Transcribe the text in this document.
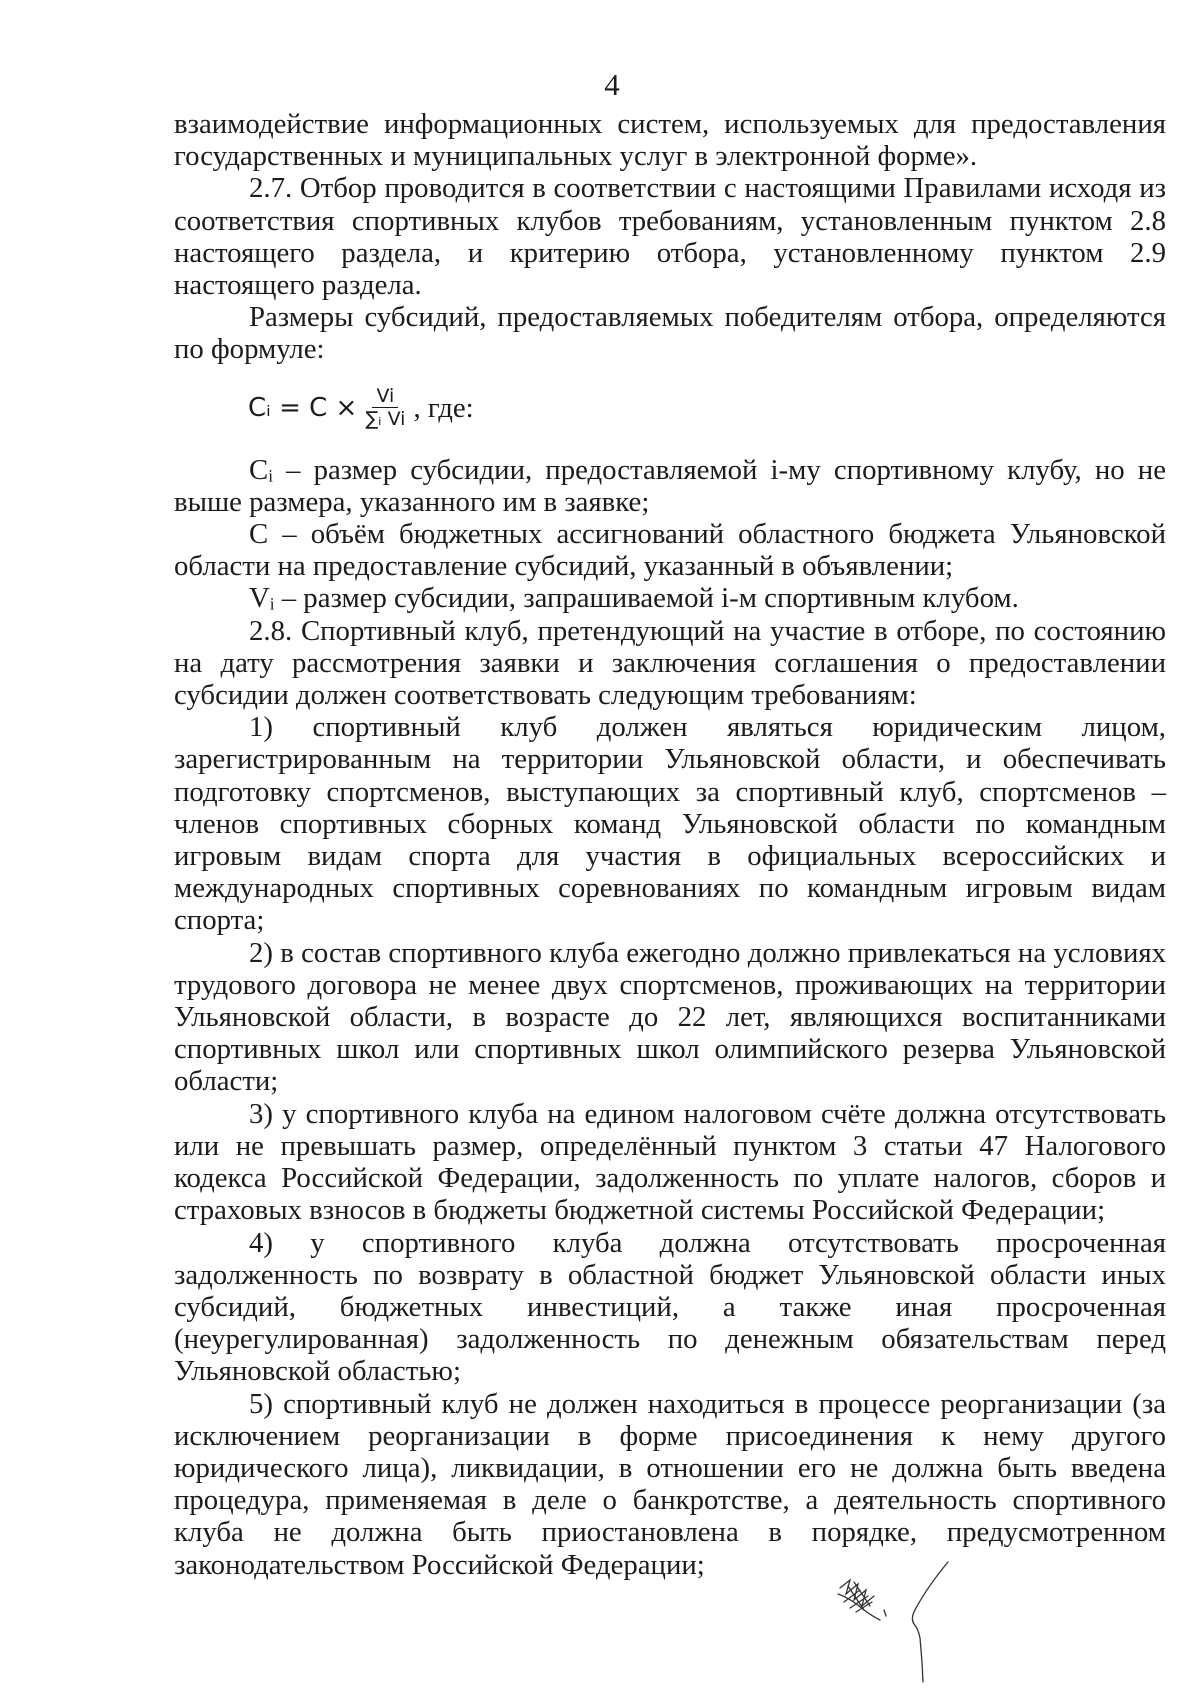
4

взаимодействие информационных систем, используемых для предоставления государственных и муниципальных услуг в электронной форме».

2.7. Отбор проводится в соответствии с настоящими Правилами исходя из соответствия спортивных клубов требованиям, установленным пунктом 2.8 настоящего раздела, и критерию отбора, установленному пунктом 2.9 настоящего раздела.

Размеры субсидий, предоставляемых победителям отбора, определяются по формуле:

Cᵢ = $C \times \frac{Vi}{\text{∑ᵢ Vi}}$ , где:

Cᵢ – размер субсидии, предоставляемой i-му спортивному клубу, но не выше размера, указанного им в заявке;

C – объём бюджетных ассигнований областного бюджета Ульяновской области на предоставление субсидий, указанный в объявлении;

Vᵢ – размер субсидии, запрашиваемой i-м спортивным клубом.

2.8. Спортивный клуб, претендующий на участие в отборе, по состоянию на дату рассмотрения заявки и заключения соглашения о предоставлении субсидии должен соответствовать следующим требованиям:

1) спортивный клуб должен являться юридическим лицом, зарегистрированным на территории Ульяновской области, и обеспечивать подготовку спортсменов, выступающих за спортивный клуб, спортсменов – членов спортивных сборных команд Ульяновской области по командным игровым видам спорта для участия в официальных всероссийских и международных спортивных соревнованиях по командным игровым видам спорта;

2) в состав спортивного клуба ежегодно должно привлекаться на условиях трудового договора не менее двух спортсменов, проживающих на территории Ульяновской области, в возрасте до 22 лет, являющихся воспитанниками спортивных школ или спортивных школ олимпийского резерва Ульяновской области;

3) у спортивного клуба на едином налоговом счёте должна отсутствовать или не превышать размер, определённый пунктом 3 статьи 47 Налогового кодекса Российской Федерации, задолженность по уплате налогов, сборов и страховых взносов в бюджеты бюджетной системы Российской Федерации;

4) у спортивного клуба должна отсутствовать просроченная задолженность по возврату в областной бюджет Ульяновской области иных субсидий, бюджетных инвестиций, а также иная просроченная (неурегулированная) задолженность по денежным обязательствам перед Ульяновской областью;

5) спортивный клуб не должен находиться в процессе реорганизации (за исключением реорганизации в форме присоединения к нему другого юридического лица), ликвидации, в отношении его не должна быть введена процедура, применяемая в деле о банкротстве, а деятельность спортивного клуба не должна быть приостановлена в порядке, предусмотренном законодательством Российской Федерации;
